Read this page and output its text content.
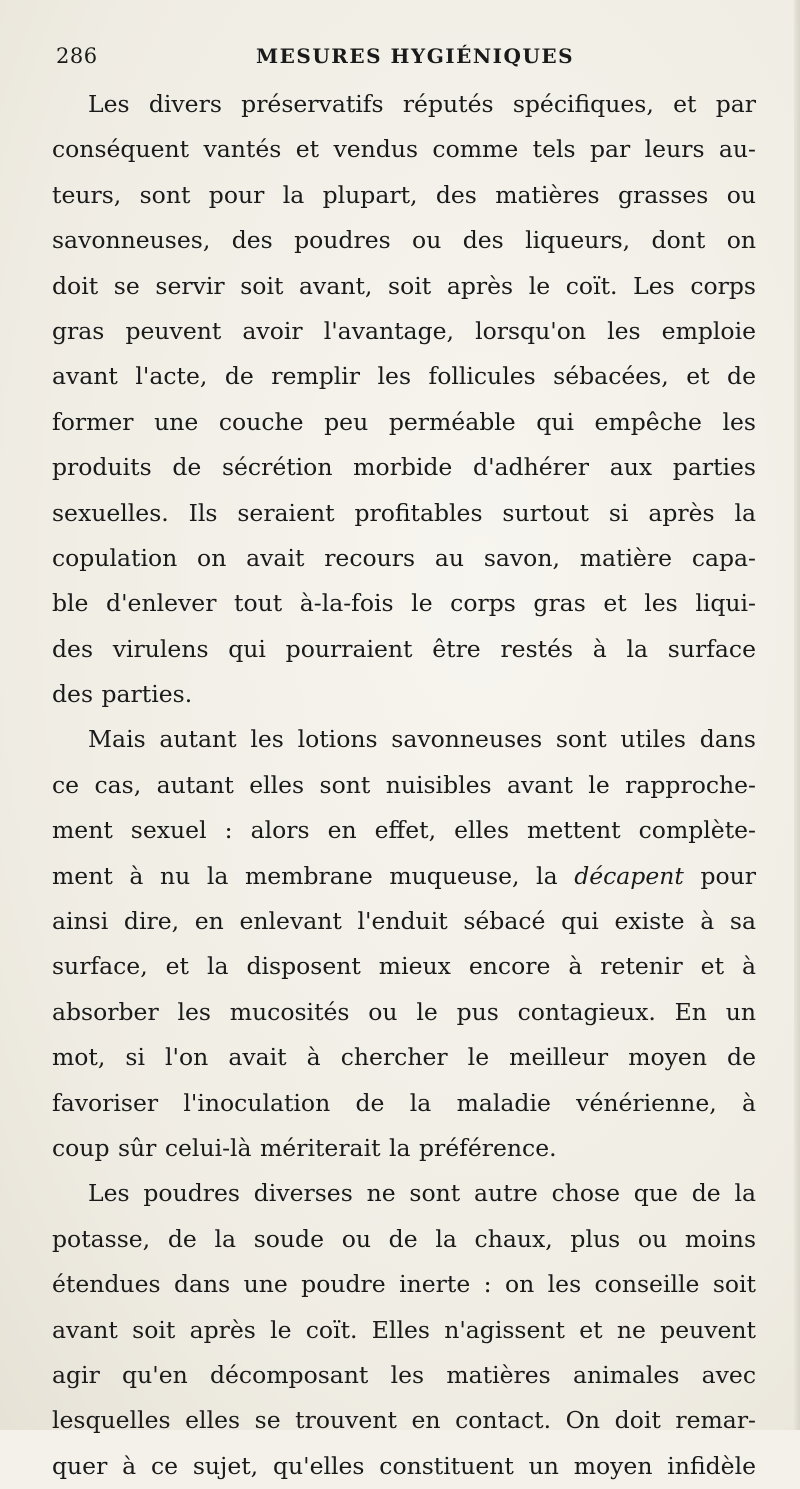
286	MESURES HYGIÉNIQUES
Les divers préservatifs réputés spécifiques, et par
conséquent vantés et vendus comme tels par leurs au-
teurs, sont pour la plupart, des matières grasses ou
savonneuses, des poudres ou des liqueurs, dont on
doit se servir soit avant, soit après le coït. Les corps
gras peuvent avoir l'avantage, lorsqu'on les emploie
avant l'acte, de remplir les follicules sébacées, et de
former une couche peu perméable qui empêche les
produits de sécrétion morbide d'adhérer aux parties
sexuelles. Ils seraient profitables surtout si après la
copulation on avait recours au savon, matière capa-
ble d'enlever tout à-la-fois le corps gras et les liqui-
des virulens qui pourraient être restés à la surface
des parties.
Mais autant les lotions savonneuses sont utiles dans
ce cas, autant elles sont nuisibles avant le rapproche-
ment sexuel : alors en effet, elles mettent complète-
ment à nu la membrane muqueuse, la décapent pour
ainsi dire, en enlevant l'enduit sébacé qui existe à sa
surface, et la disposent mieux encore à retenir et à
absorber les mucosités ou le pus contagieux. En un
mot, si l'on avait à chercher le meilleur moyen de
favoriser l'inoculation de la maladie vénérienne, à
coup sûr celui-là mériterait la préférence.
Les poudres diverses ne sont autre chose que de la
potasse, de la soude ou de la chaux, plus ou moins
étendues dans une poudre inerte : on les conseille soit
avant soit après le coït. Elles n'agissent et ne peuvent
agir qu'en décomposant les matières animales avec
lesquelles elles se trouvent en contact. On doit remar-
quer à ce sujet, qu'elles constituent un moyen infidèle
